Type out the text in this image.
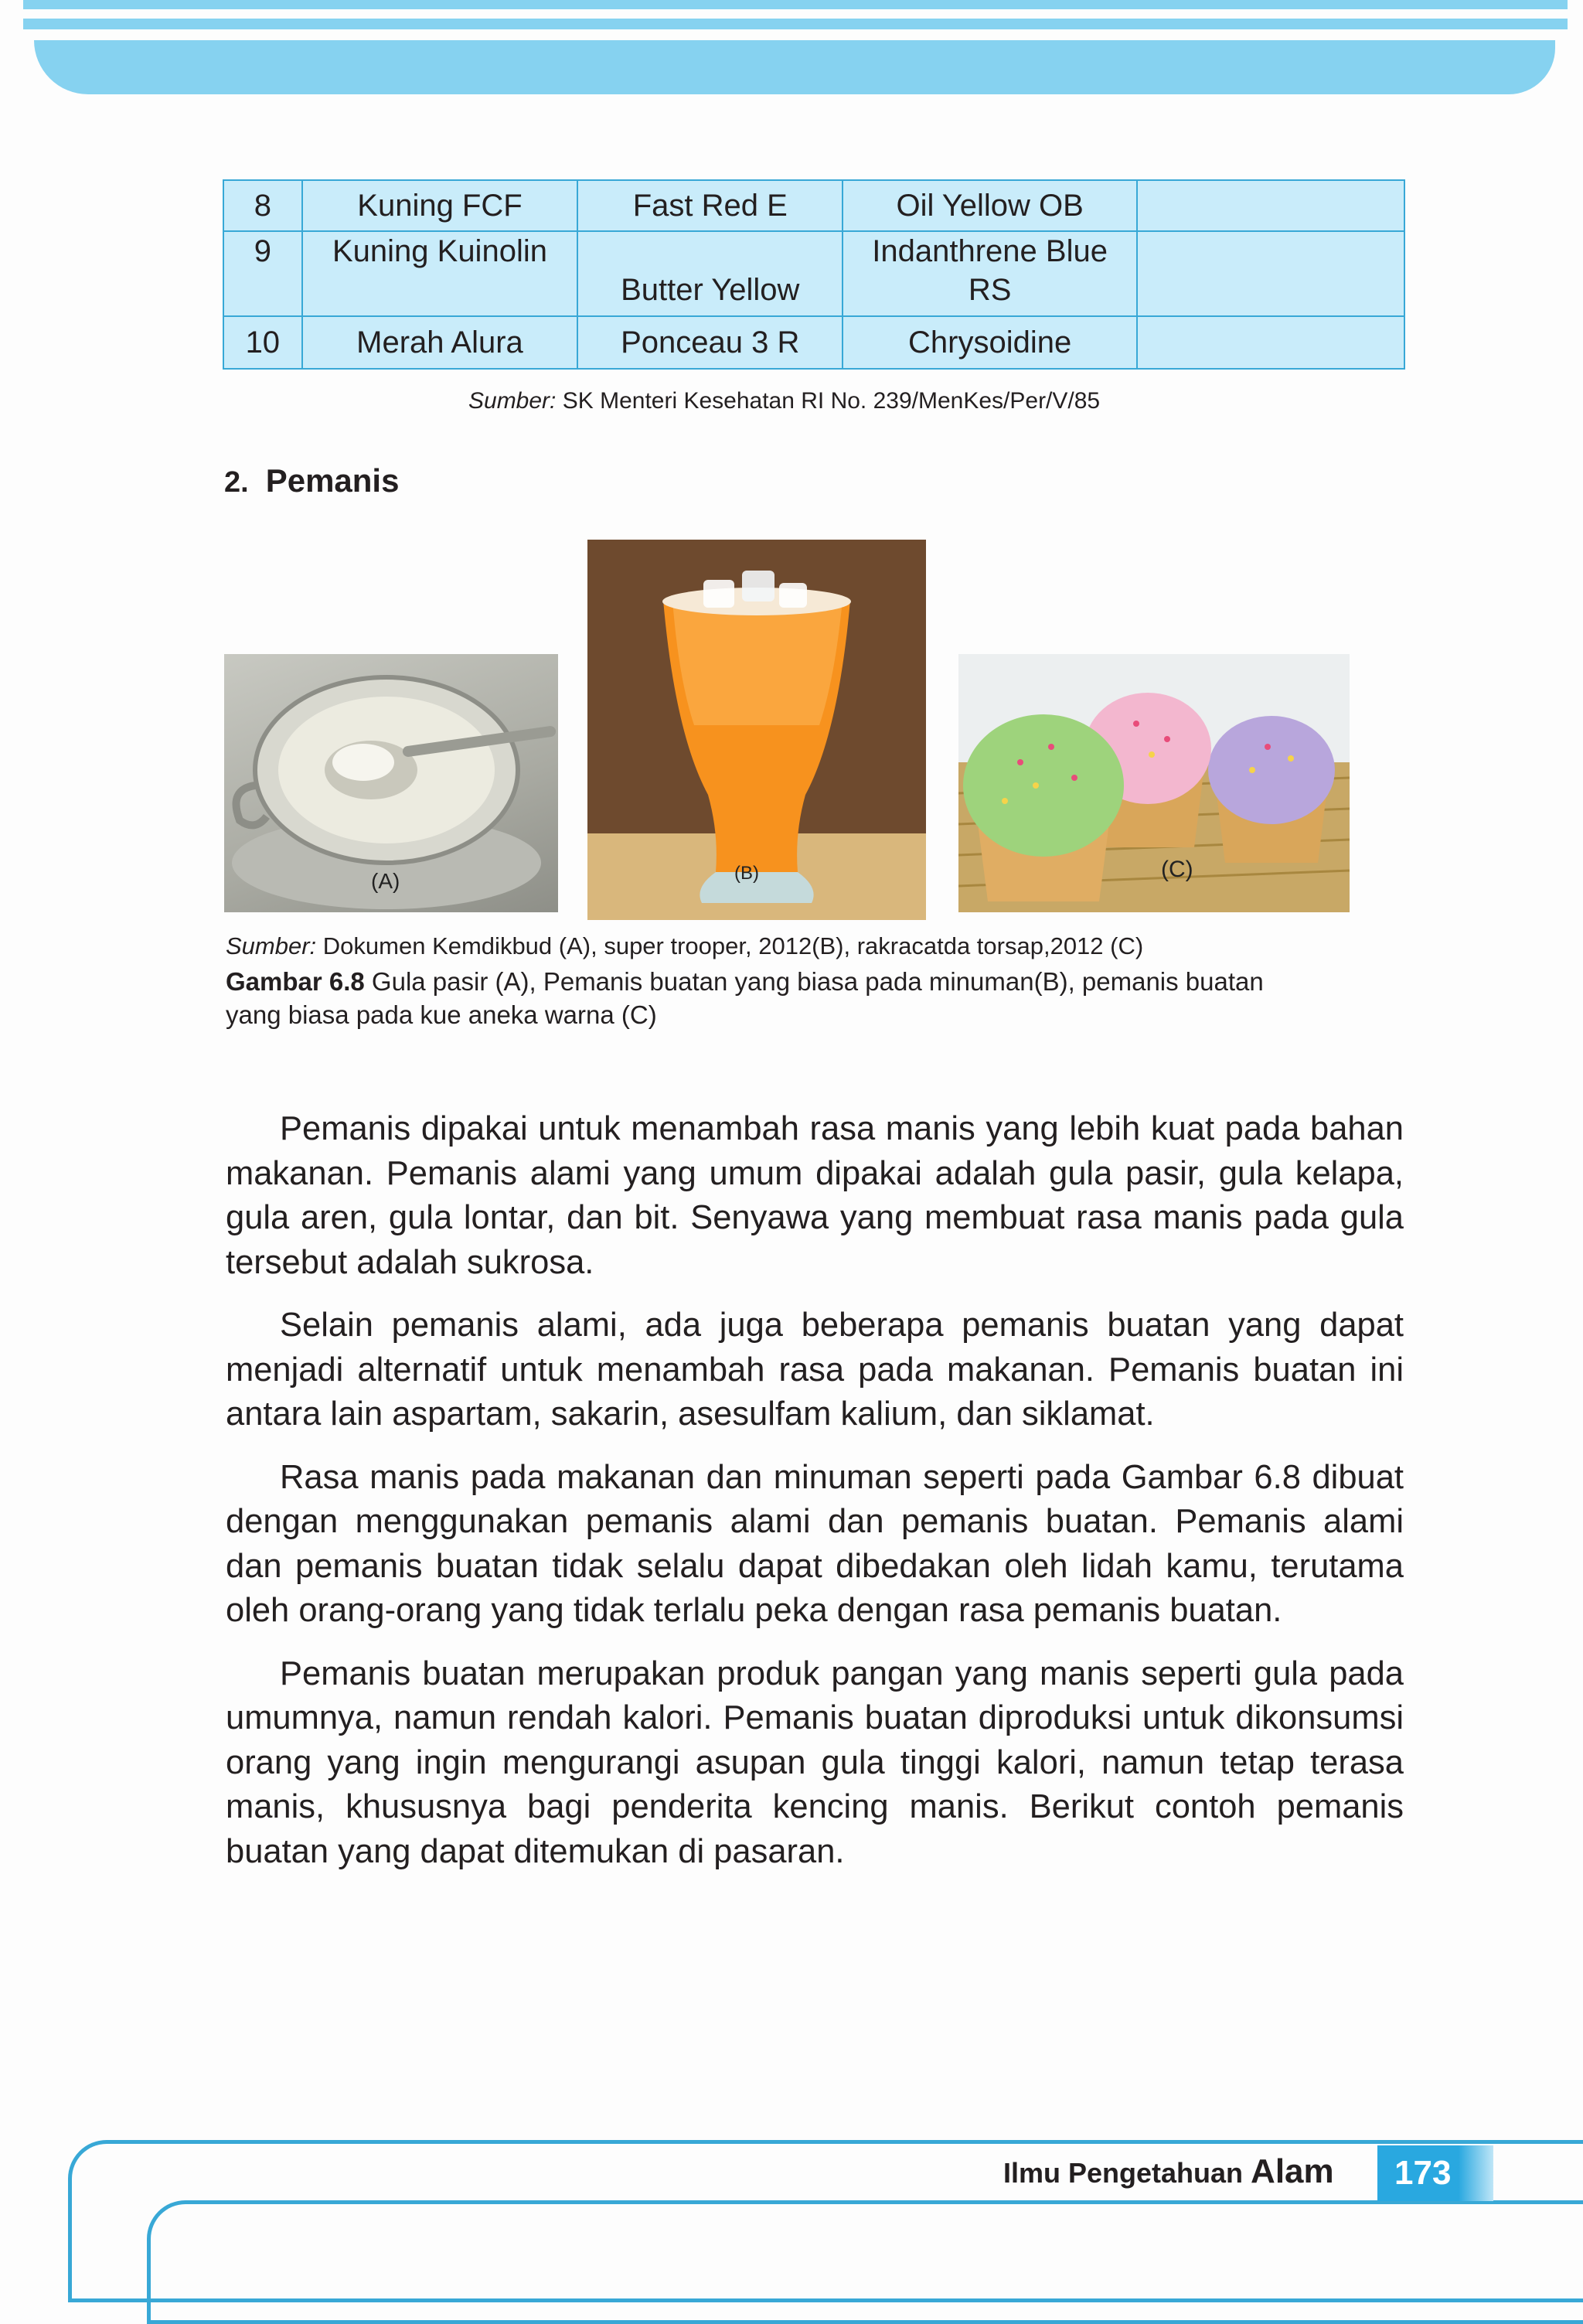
8	Kuning FCF	Fast Red E	Oil Yellow OB	
9	Kuning Kuinolin	Butter Yellow	Indanthrene Blue
RS	
10	Merah Alura	Ponceau 3 R	Chrysoidine	
Sumber: SK Menteri Kesehatan RI No. 239/MenKes/Per/V/85
2. Pemanis
(A)	(B)	(C)
Sumber: Dokumen Kemdikbud (A), super trooper, 2012(B), rakracatda torsap,2012 (C)
Gambar 6.8 Gula pasir (A), Pemanis buatan yang biasa pada minuman(B), pemanis buatan yang biasa pada kue aneka warna (C)

Pemanis dipakai untuk menambah rasa manis yang lebih kuat pada bahan makanan. Pemanis alami yang umum dipakai adalah gula pasir, gula kelapa, gula aren, gula lontar, dan bit. Senyawa yang membuat rasa manis pada gula tersebut adalah sukrosa.

Selain pemanis alami, ada juga beberapa pemanis buatan yang dapat menjadi alternatif untuk menambah rasa pada makanan. Pemanis buatan ini antara lain aspartam, sakarin, asesulfam kalium, dan siklamat.

Rasa manis pada makanan dan minuman seperti pada Gambar 6.8 dibuat dengan menggunakan pemanis alami dan pemanis buatan. Pemanis alami dan pemanis buatan tidak selalu dapat dibedakan oleh lidah kamu, terutama oleh orang-orang yang tidak terlalu peka dengan rasa pemanis buatan.

Pemanis buatan merupakan produk pangan yang manis seperti gula pada umumnya, namun rendah kalori. Pemanis buatan diproduksi untuk dikonsumsi orang yang ingin mengurangi asupan gula tinggi kalori, namun tetap terasa manis, khususnya bagi penderita kencing manis. Berikut contoh pemanis buatan yang dapat ditemukan di pasaran.

Ilmu Pengetahuan Alam	173
